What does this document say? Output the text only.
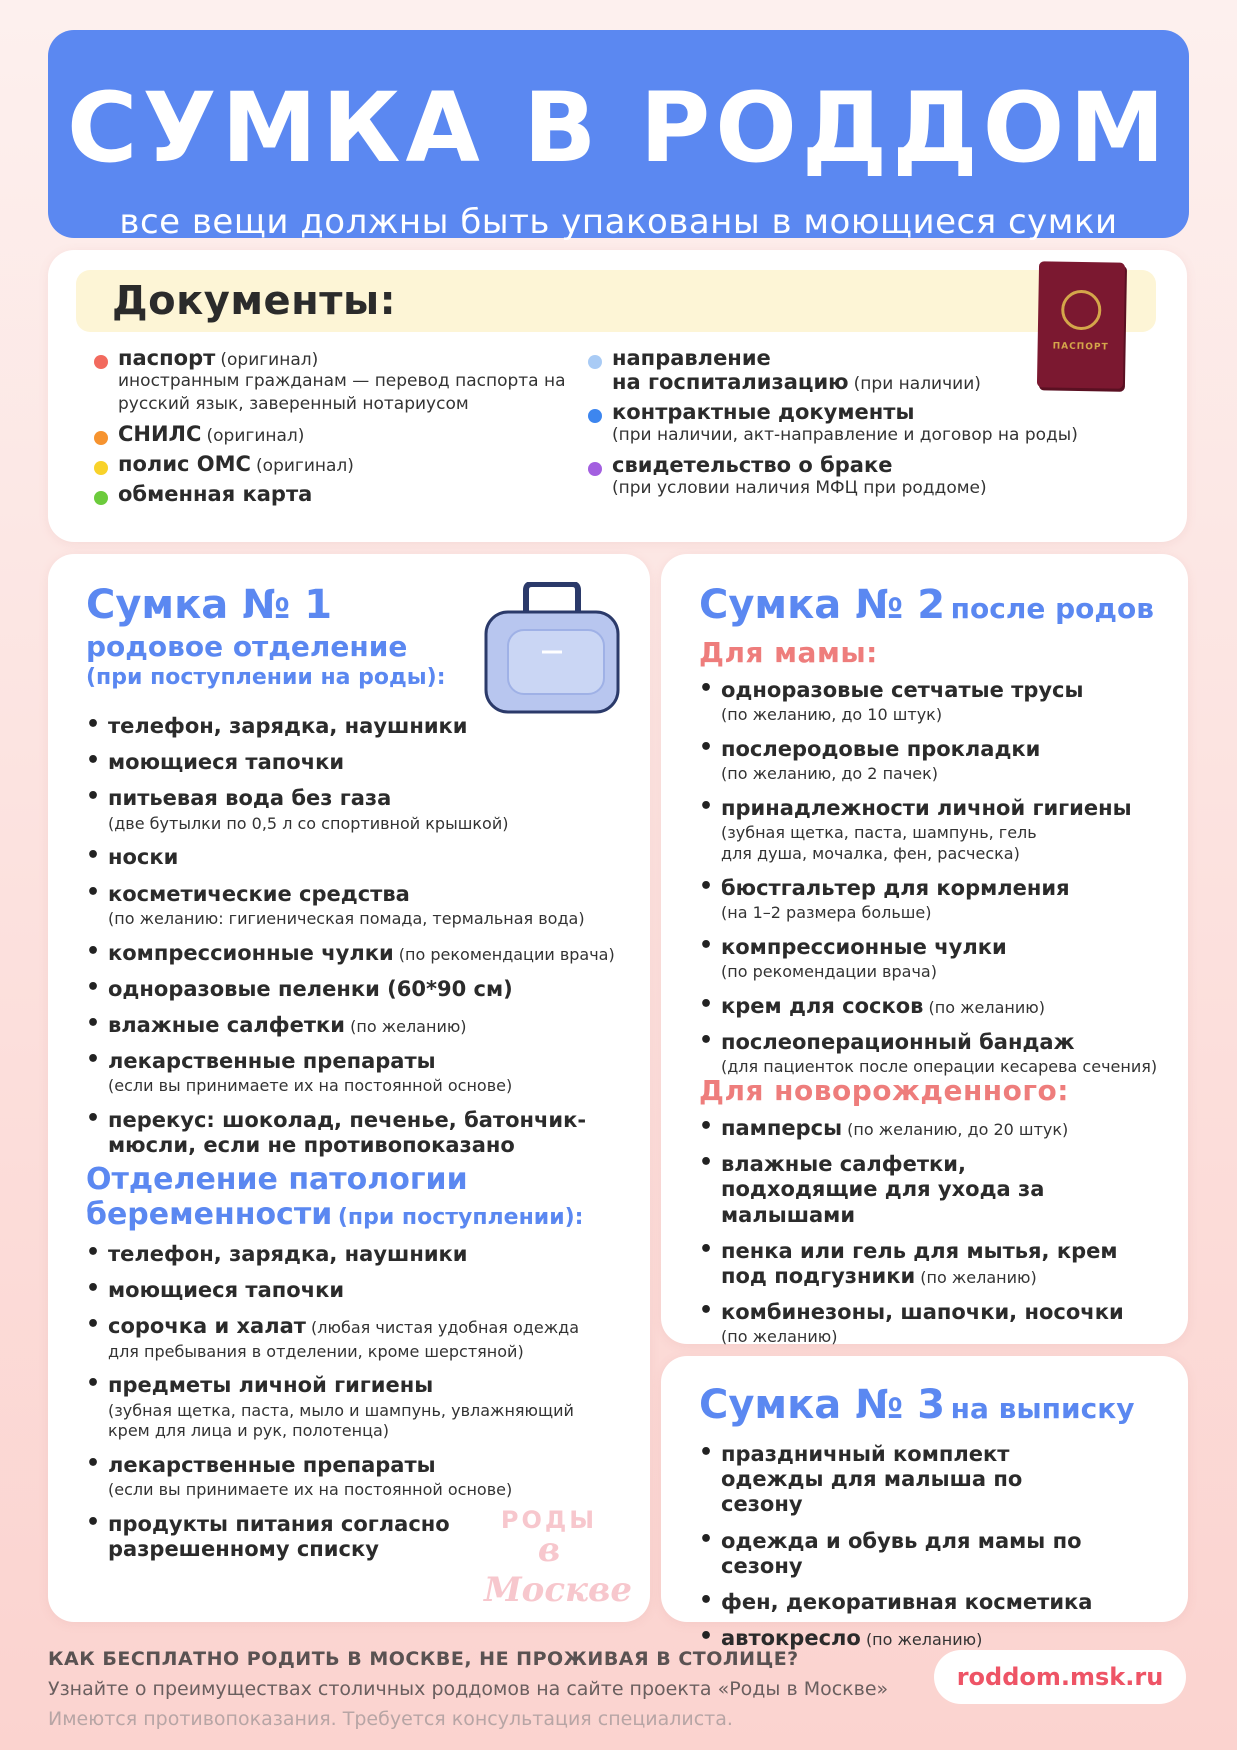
СУМКА В РОДДОМ

все вещи должны быть упакованы в моющиеся сумки

Документы:
ПАСПОРТ
паспорт (оригинал)
иностранным гражданам — перевод паспорта на русский язык, заверенный нотариусом
СНИЛС (оригинал)
полис ОМС (оригинал)
обменная карта
направление
на госпитализацию (при наличии)
контрактные документы
(при наличии, акт-направление и договор на роды)
свидетельство о браке
(при условии наличия МФЦ при роддоме)
Сумка № 1
родовое отделение
(при поступлении на роды):
• телефон, зарядка, наушники
• моющиеся тапочки
• питьевая вода без газа
(две бутылки по 0,5 л со спортивной крышкой)
• носки
• косметические средства
(по желанию: гигиеническая помада, термальная вода)
• компрессионные чулки (по рекомендации врача)
• одноразовые пеленки (60*90 см)
• влажные салфетки (по желанию)
• лекарственные препараты
(если вы принимаете их на постоянной основе)
• перекус: шоколад, печенье, батончик-мюсли, если не противопоказано
Отделение патологии
беременности (при поступлении):
• телефон, зарядка, наушники
• моющиеся тапочки
• сорочка и халат (любая чистая удобная одежда
для пребывания в отделении, кроме шерстяной)
• предметы личной гигиены
(зубная щетка, паста, мыло и шампунь, увлажняющий крем для лица и рук, полотенца)
• лекарственные препараты
(если вы принимаете их на постоянной основе)
• продукты питания согласно разрешенному списку
РОДЫ
в Москве
Сумка № 2 после родов
Для мамы:
• одноразовые сетчатые трусы
(по желанию, до 10 штук)
• послеродовые прокладки
(по желанию, до 2 пачек)
• принадлежности личной гигиены
(зубная щетка, паста, шампунь, гель для душа, мочалка, фен, расческа)
• бюстгальтер для кормления
(на 1–2 размера больше)
• компрессионные чулки
(по рекомендации врача)
• крем для сосков (по желанию)
• послеоперационный бандаж
(для пациенток после операции кесарева сечения)
Для новорожденного:
• памперсы (по желанию, до 20 штук)
• влажные салфетки, подходящие для ухода за малышами
• пенка или гель для мытья, крем под подгузники (по желанию)
• комбинезоны, шапочки, носочки
(по желанию)
Сумка № 3 на выписку
• праздничный комплект одежды для малыша по сезону
• одежда и обувь для мамы по сезону
• фен, декоративная косметика
• автокресло (по желанию)
КАК БЕСПЛАТНО РОДИТЬ В МОСКВЕ, НЕ ПРОЖИВАЯ В СТОЛИЦЕ?
Узнайте о преимуществах столичных роддомов на сайте проекта «Роды в Москве»
Имеются противопоказания. Требуется консультация специалиста.
roddom.msk.ru
